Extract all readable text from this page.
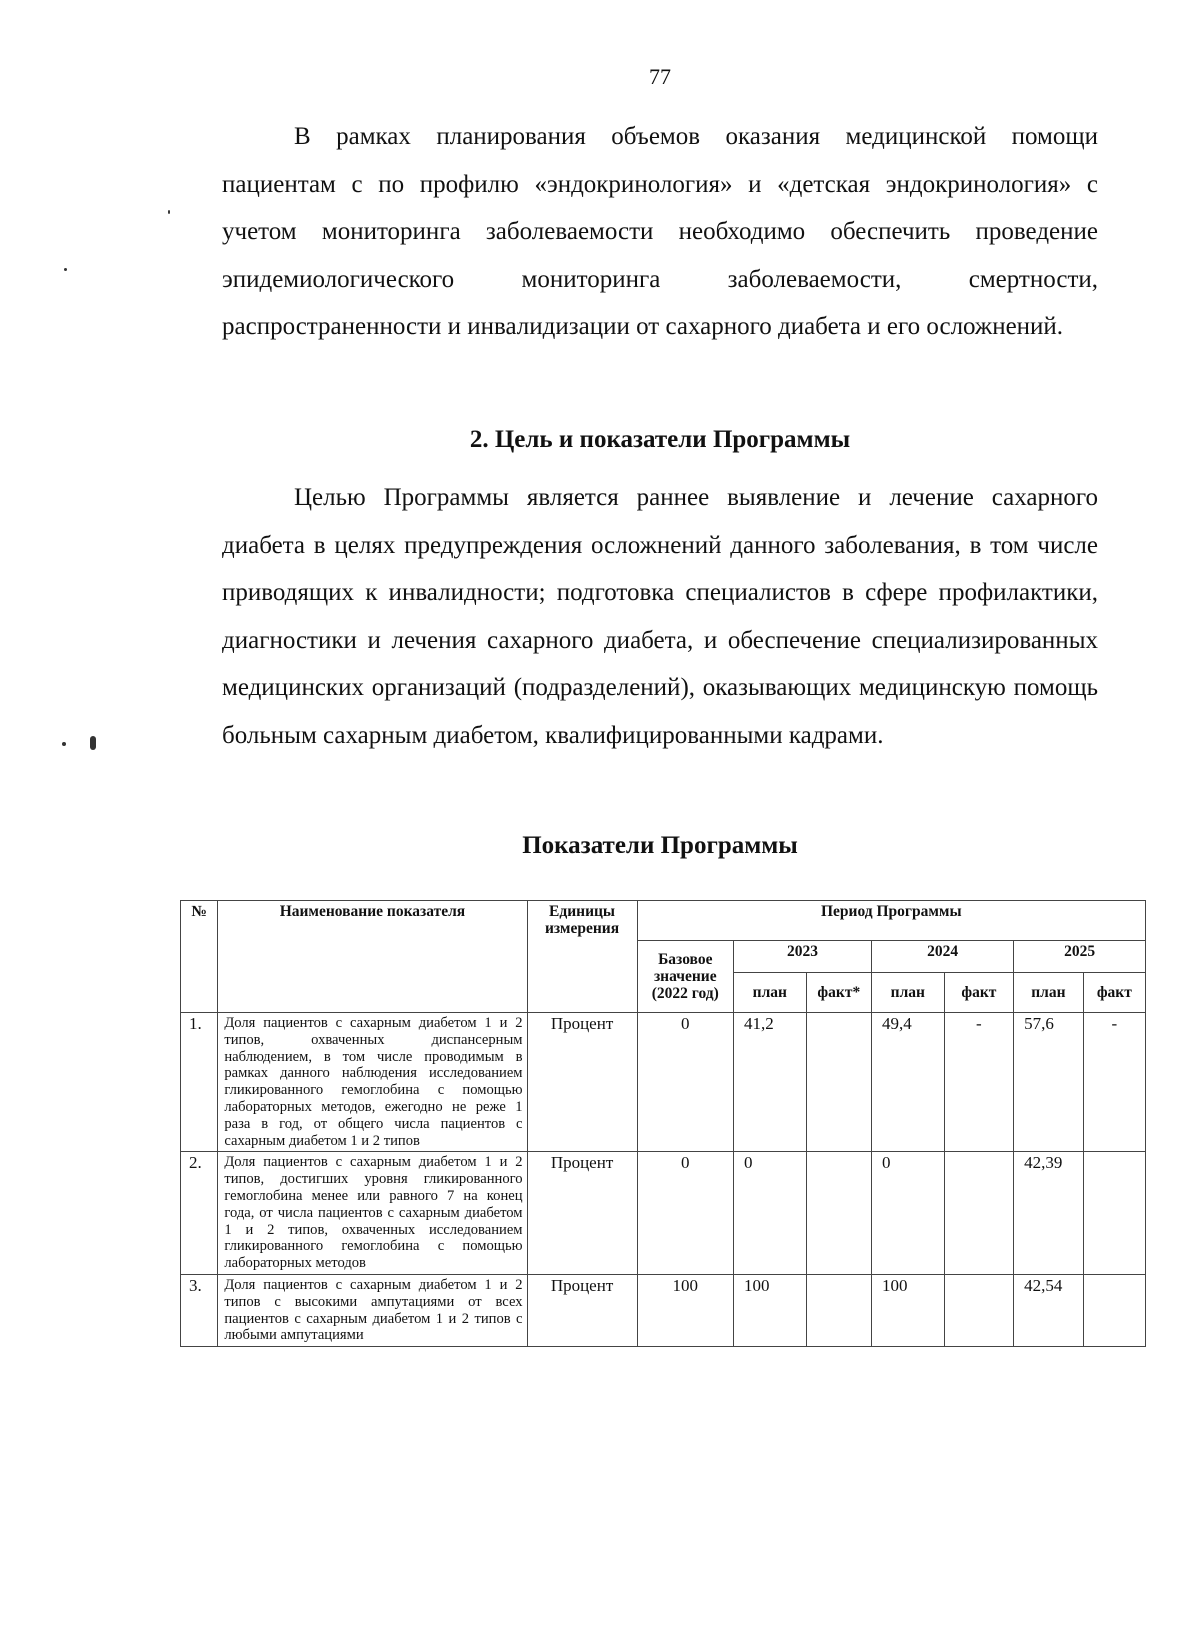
77

В рамках планирования объемов оказания медицинской помощи пациентам с по профилю «эндокринология» и «детская эндокринология» с учетом мониторинга заболеваемости необходимо обеспечить проведение эпидемиологического мониторинга заболеваемости, смертности, распространенности и инвалидизации от сахарного диабета и его осложнений.

2. Цель и показатели Программы

Целью Программы является раннее выявление и лечение сахарного диабета в целях предупреждения осложнений данного заболевания, в том числе приводящих к инвалидности; подготовка специалистов в сфере профилактики, диагностики и лечения сахарного диабета, и обеспечение специализированных медицинских организаций (подразделений), оказывающих медицинскую помощь больным сахарным диабетом, квалифицированными кадрами.

Показатели Программы
№	Наименование показателя	Единицы измерения	Период Программы						
			Базовое значение (2022 год)	2023		2024		2025	
				план	факт*	план	факт	план	факт
1.	Доля пациентов с сахарным диабетом 1 и 2 типов, охваченных диспансерным наблюдением, в том числе проводимым в рамках данного наблюдения исследованием гликированного гемоглобина с помощью лабораторных методов, ежегодно не реже 1 раза в год, от общего числа пациентов с сахарным диабетом 1 и 2 типов	Процент	0	41,2		49,4	-	57,6	-
2.	Доля пациентов с сахарным диабетом 1 и 2 типов, достигших уровня гликированного гемоглобина менее или равного 7 на конец года, от числа пациентов с сахарным диабетом 1 и 2 типов, охваченных исследованием гликированного гемоглобина с помощью лабораторных методов	Процент	0	0		0		42,39	
3.	Доля пациентов с сахарным диабетом 1 и 2 типов с высокими ампутациями от всех пациентов с сахарным диабетом 1 и 2 типов с любыми ампутациями	Процент	100	100		100		42,54	
